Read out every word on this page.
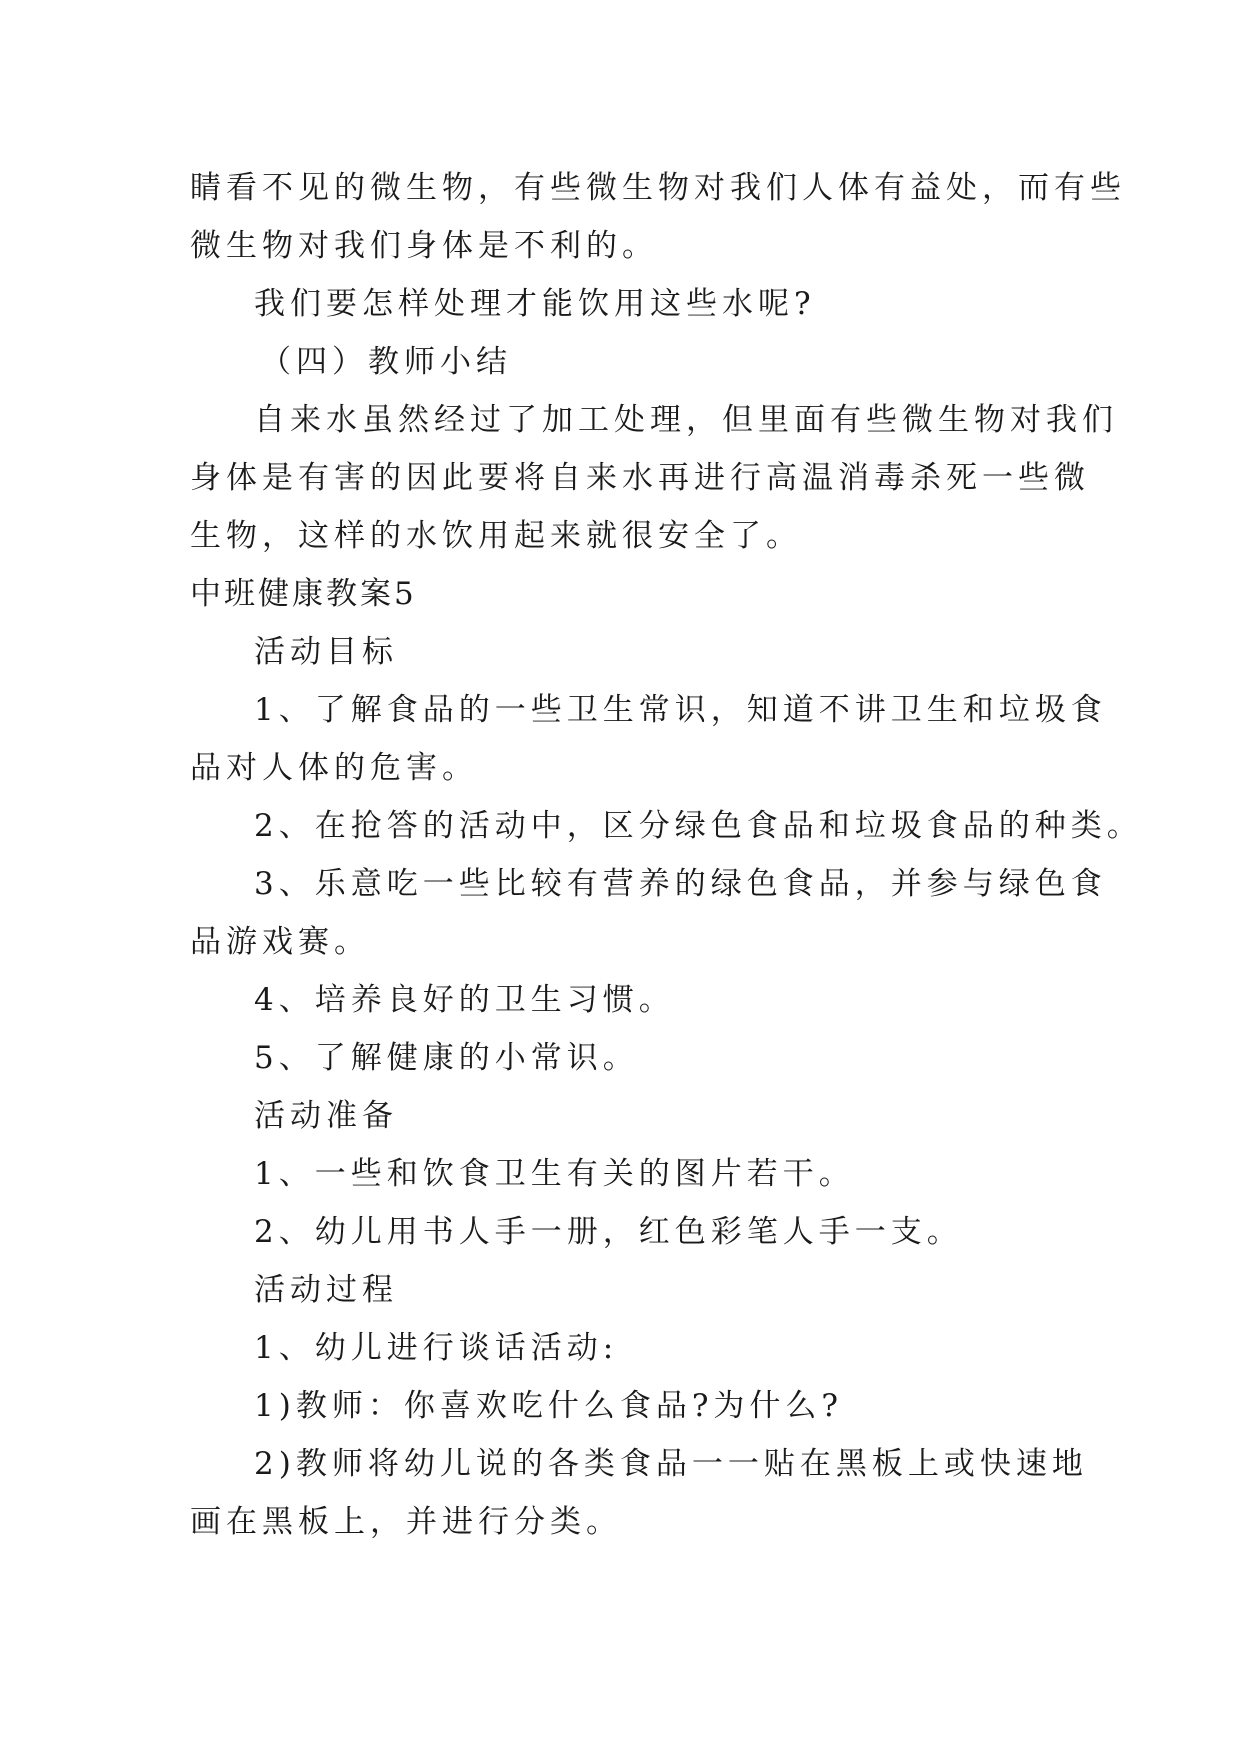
睛看不见的微生物，有些微生物对我们人体有益处，而有些
微生物对我们身体是不利的。
我们要怎样处理才能饮用这些水呢?
（四）教师小结
自来水虽然经过了加工处理，但里面有些微生物对我们
身体是有害的因此要将自来水再进行高温消毒杀死一些微
生物，这样的水饮用起来就很安全了。
中班健康教案5
活动目标
1、了解食品的一些卫生常识，知道不讲卫生和垃圾食
品对人体的危害。
2、在抢答的活动中，区分绿色食品和垃圾食品的种类。
3、乐意吃一些比较有营养的绿色食品，并参与绿色食
品游戏赛。
4、培养良好的卫生习惯。
5、了解健康的小常识。
活动准备
1、一些和饮食卫生有关的图片若干。
2、幼儿用书人手一册，红色彩笔人手一支。
活动过程
1、幼儿进行谈话活动:
1)教师：你喜欢吃什么食品?为什么?
2)教师将幼儿说的各类食品一一贴在黑板上或快速地
画在黑板上，并进行分类。
